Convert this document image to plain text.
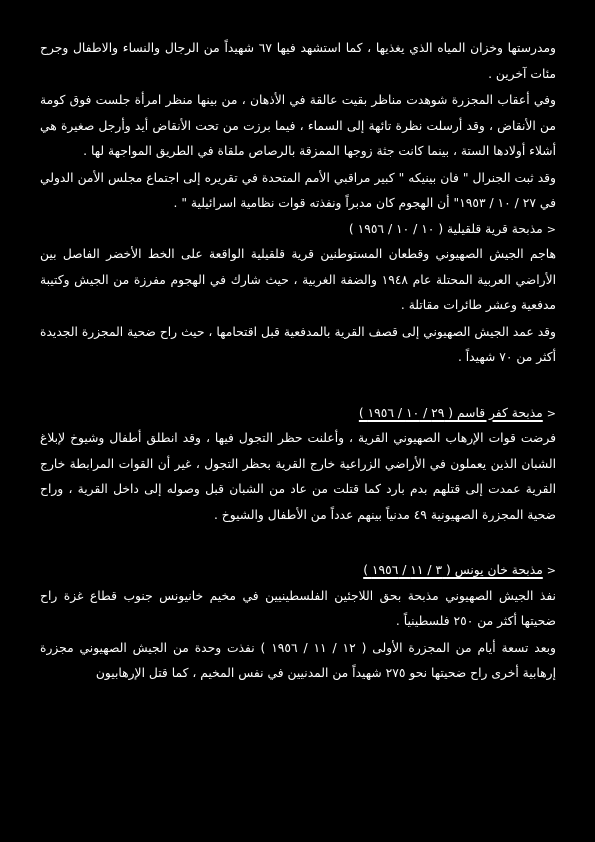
ومدرستها وخزان المياه الذي يغذيها ، كما استشهد فيها ٦٧ شهيداً من الرجال والنساء والاطفال وجرح مئات آخرين .

وفي أعقاب المجزرة شوهدت مناظر بقيت عالقة في الأذهان ، من بينها منظر امرأة جلست فوق كومة من الأنقاض ، وقد أرسلت نظرة تائهة إلى السماء ، فيما برزت من تحت الأنقاض أيد وأرجل صغيرة هي أشلاء أولادها الستة ، بينما كانت جثة زوجها الممزقة بالرصاص ملقاة في الطريق المواجهة لها .

وقد ثبت الجنرال " فان بينيكه " كبير مراقبي الأمم المتحدة في تقريره إلى اجتماع مجلس الأمن الدولي في ٢٧ / ١٠ / ١٩٥٣" أن الهجوم كان مدبراً ونفذته قوات نظامية اسرائيلية " .

<مذبحة قرية قلقيلية ( ١٠ / ١٠ / ١٩٥٦ )

هاجم الجيش الصهيوني وقطعان المستوطنين قرية قلقيلية الواقعة على الخط الأخضر الفاصل بين الأراضي العربية المحتلة عام ١٩٤٨ والضفة الغربية ، حيث شارك في الهجوم مفرزة من الجيش وكتيبة مدفعية وعشر طائرات مقاتلة .

وقد عمد الجيش الصهيوني إلى قصف القرية بالمدفعية قبل اقتحامها ، حيث راح ضحية المجزرة الجديدة أكثر من ٧٠ شهيداً .

<مذبحة كفر قاسم ( ٢٩ / ١٠ / ١٩٥٦ )

فرضت قوات الإرهاب الصهيوني القرية ، وأعلنت حظر التجول فيها ، وقد انطلق أطفال وشيوخ لإبلاغ الشبان الذين يعملون في الأراضي الزراعية خارج القرية بحظر التجول ، غير أن القوات المرابطة خارج القرية عمدت إلى قتلهم بدم بارد كما قتلت من عاد من الشبان قبل وصوله إلى داخل القرية ، وراح ضحية المجزرة الصهيونية ٤٩ مدنياً بينهم عدداً من الأطفال والشيوخ .

<مذبحة خان يونس ( ٣ / ١١ / ١٩٥٦ )

نفذ الجيش الصهيوني مذبحة بحق اللاجئين الفلسطينيين في مخيم خانيونس جنوب قطاع غزة راح ضحيتها أكثر من ٢٥٠ فلسطينياً .

وبعد تسعة أيام من المجزرة الأولى ( ١٢ / ١١ / ١٩٥٦ ) نفذت وحدة من الجيش الصهيوني مجزرة إرهابية أخرى راح ضحيتها نحو ٢٧٥ شهيداً من المدنيين في نفس المخيم ، كما قتل الإرهابيون
